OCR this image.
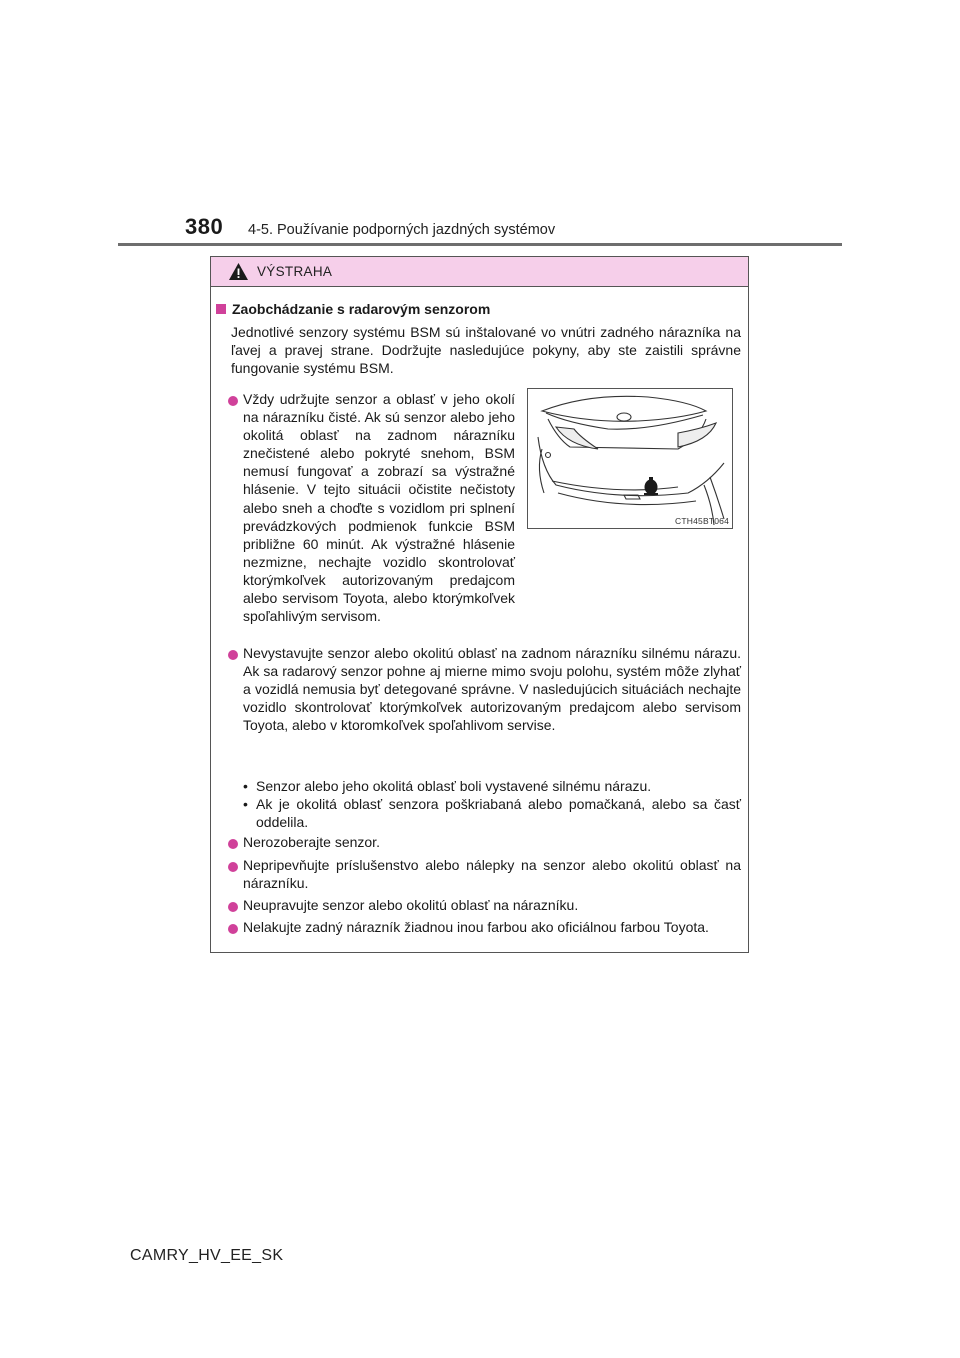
380 4-5. Používanie podporných jazdných systémov
VÝSTRAHA
Zaobchádzanie s radarovým senzorom
Jednotlivé senzory systému BSM sú inštalované vo vnútri zadného nárazníka na ľavej a pravej strane. Dodržujte nasledujúce pokyny, aby ste zaistili správne fungovanie systému BSM.
Vždy udržujte senzor a oblasť v jeho okolí na nárazníku čisté. Ak sú senzor alebo jeho okolitá oblasť na zadnom nárazníku znečistené alebo pokryté snehom, BSM nemusí fungovať a zobrazí sa výstražné hlásenie. V tejto situácii očistite nečistoty alebo sneh a choďte s vozidlom pri splnení prevádzkových podmienok funkcie BSM približne 60 minút. Ak výstražné hlásenie nezmizne, nechajte vozidlo skontrolovať ktorýmkoľvek autorizovaným predajcom alebo servisom Toyota, alebo ktorýmkoľvek spoľahlivým servisom.
CTH45BT064
Nevystavujte senzor alebo okolitú oblasť na zadnom nárazníku silnému nárazu. Ak sa radarový senzor pohne aj mierne mimo svoju polohu, systém môže zlyhať a vozidlá nemusia byť detegované správne. V nasledujúcich situáciách nechajte vozidlo skontrolovať ktorýmkoľvek autorizovaným predajcom alebo servisom Toyota, alebo v ktoromkoľvek spoľahlivom servise.
• Senzor alebo jeho okolitá oblasť boli vystavené silnému nárazu.
• Ak je okolitá oblasť senzora poškriabaná alebo pomačkaná, alebo sa časť oddelila.
Nerozoberajte senzor.
Nepripevňujte príslušenstvo alebo nálepky na senzor alebo okolitú oblasť na nárazníku.
Neupravujte senzor alebo okolitú oblasť na nárazníku.
Nelakujte zadný nárazník žiadnou inou farbou ako oficiálnou farbou Toyota.
CAMRY_HV_EE_SK
